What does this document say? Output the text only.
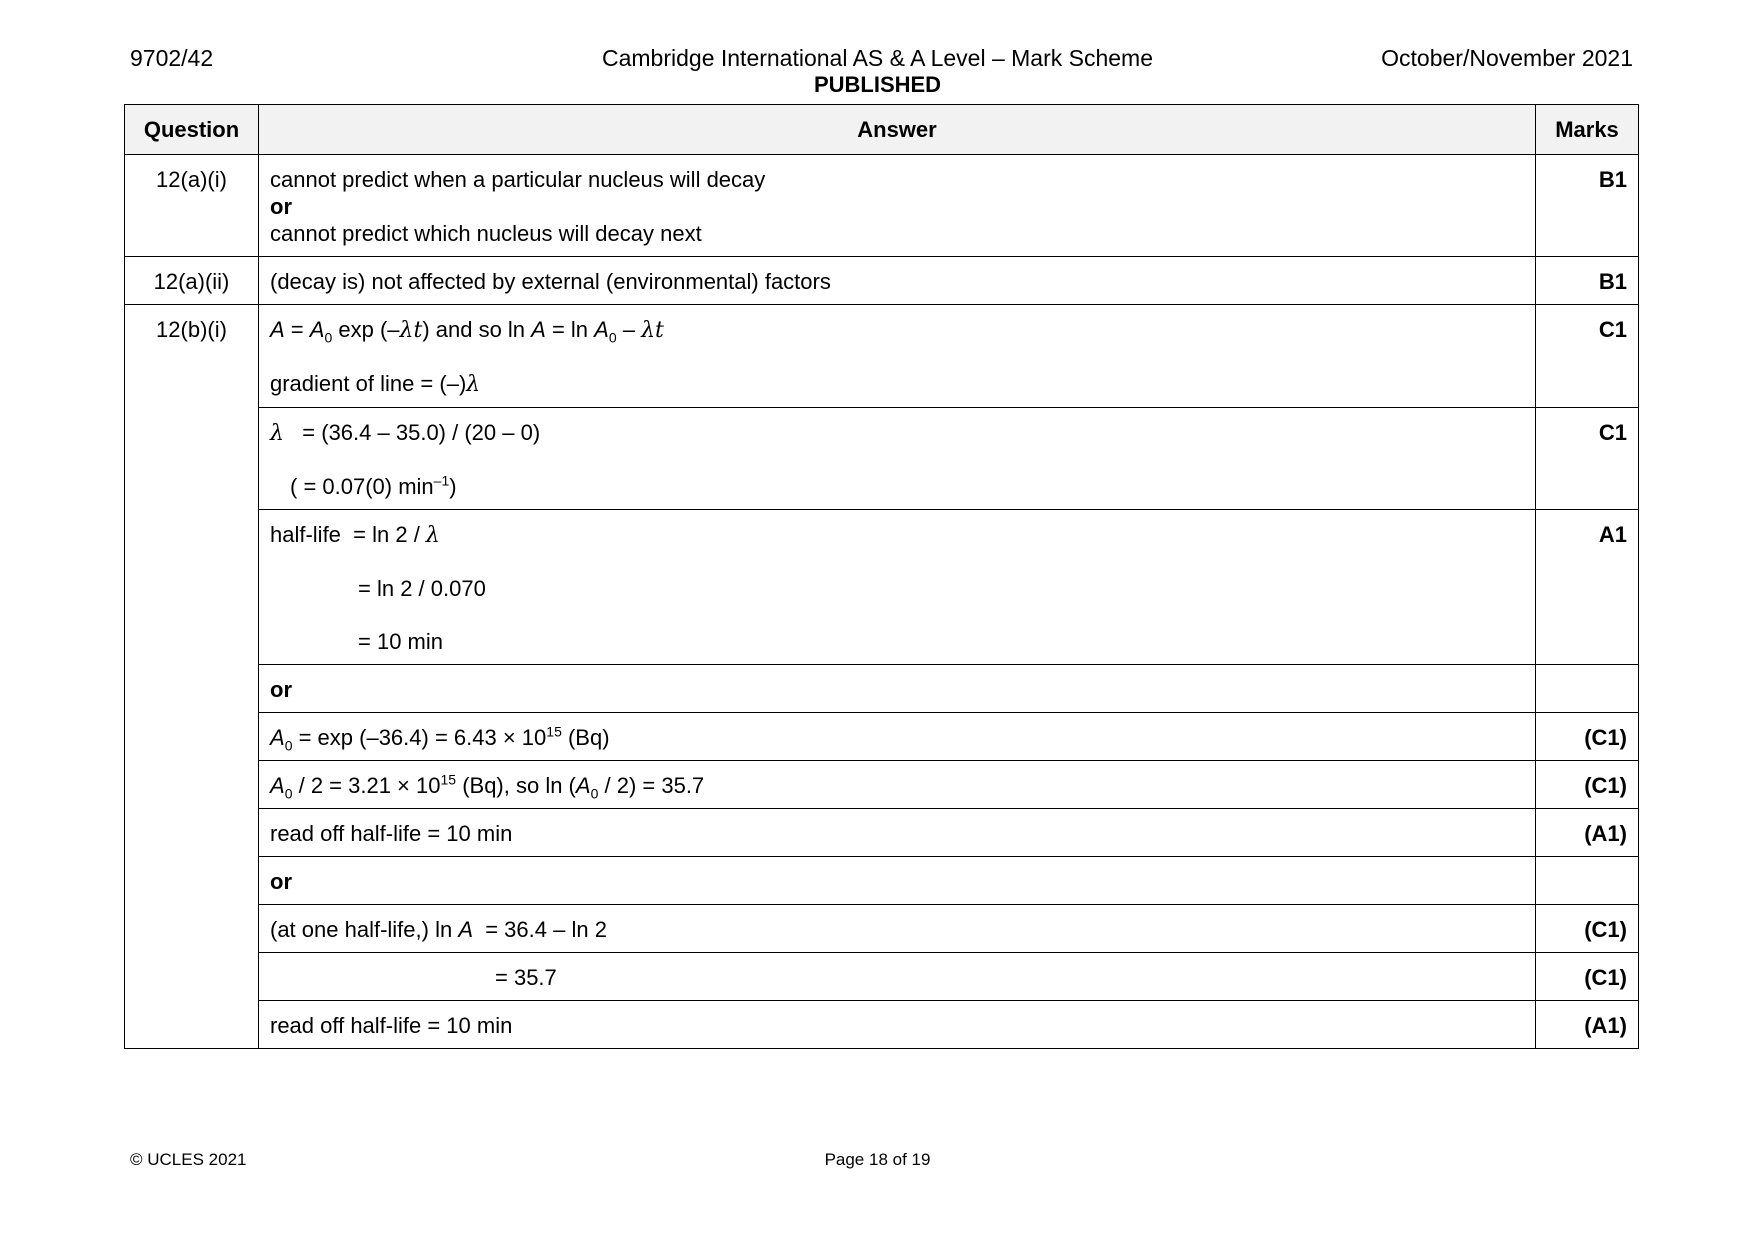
9702/42	Cambridge International AS & A Level – Mark Scheme
PUBLISHED
October/November 2021
Question	Answer	Marks
12(a)(i)	cannot predict when a particular nucleus will decay
or
cannot predict which nucleus will decay next	B1
12(a)(ii)	(decay is) not affected by external (environmental) factors	B1
12(b)(i)	$A = A_0$ exp (–λt) and so $\ln A = \ln A_0 - \lambda t$
gradient of line = (–)λ	C1

	λ   = (36.4 – 35.0) / (20 – 0)
( = 0.07(0) $\min^{-1}$)	C1

	half-life  = ln 2 / λ
= ln 2 / 0.070
= 10 min	A1

	or	

	$A_0 = \exp (-36.4) = 6.43 \times 10^{15}$ (Bq)	(C1)

	$A_0 / 2 = 3.21 \times 10^{15}$ (Bq), so $\ln (A_0 / 2) = 35.7$	(C1)

	read off half-life = 10 min	(A1)

	or	

	(at one half-life,) ln A  = 36.4 – ln 2	(C1)

	= 35.7	(C1)

	read off half-life = 10 min	(A1)
© UCLES 2021	Page 18 of 19
